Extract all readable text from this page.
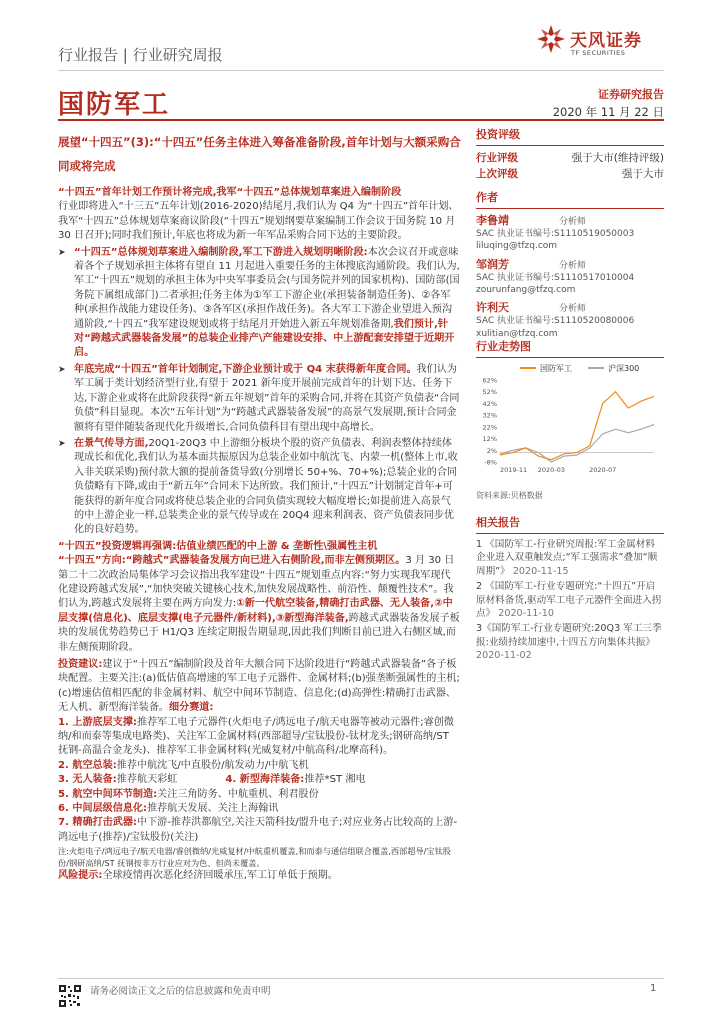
行业报告 | 行业研究周报
天风证券
TF SECURITIES
国防军工	证券研究报告
2020 年 11 月 22 日
展望“十四五”(3):“十四五”任务主体进入筹备准备阶段,首年计划与大额采购合同或将完成

“十四五”首年计划工作预计将完成,我军“十四五”总体规划草案进入编制阶段

行业即将进入“十三五”五年计划(2016-2020)结尾月,我们认为 Q4 为“十四五”首年计划、我军“十四五”总体规划草案商议阶段(“十四五”规划纲要草案编制工作会议于国务院 10 月 30 日召开);同时我们预计,年底也将成为新一年军品采购合同下达的主要阶段。

➤ “十四五”总体规划草案进入编制阶段,军工下游进入规划明晰阶段:本次会议召开或意味着各个子规划承担主体将有望自 11 月起进入重要任务的主体搜底沟通阶段。我们认为,军工“十四五”规划的承担主体为中央军事委员会(与国务院并列的国家机构)、国防部(国务院下属组成部门)二者承担;任务主体为①军工下游企业(承担装备制造任务)、②各军种(承担作战能力建设任务)、③各军区(承担作战任务)。各大军工下游企业望进入预沟通阶段,“十四五”我军建设规划或将于结尾月开始进入新五年规划准备期,我们预计,针对“跨越式武器装备发展”的总装企业排产\产能建设安排、中上游配套安排望于近期开启。

➤ 年底完成“十四五”首年计划制定,下游企业预计或于 Q4 末获得新年度合同。我们认为军工属于类计划经济型行业,有望于 2021 新年度开展前完成首年的计划下达、任务下达,下游企业或将在此阶段获得“新五年规划”首年的采购合同,并将在其资产负债表“合同负债”科目显现。本次“五年计划”为“跨越式武器装备发展”的高景气发展期,预计合同金额将有望伴随装备现代化升级增长,合同负债科目有望出现中高增长。

➤ 在景气传导方面,20Q1-20Q3 中上游细分板块个股的资产负债表、利润表整体持续体现成长和优化,我们认为基本面共振原因为总装企业如中航沈飞、内蒙一机(整体上市,收入非关联采购)预付款大额的提前备货导致(分别增长 50+%、70+%);总装企业的合同负债略有下降,或由于“新五年”合同未下达所致。我们预计,“十四五”计划制定首年+可能获得的新年度合同或将使总装企业的合同负债实现较大幅度增长;如提前进入高景气的中上游企业一样,总装类企业的景气传导或在 20Q4 迎来利润表、资产负债表同步优化的良好趋势。

“十四五”投资逻辑再强调:估值业绩匹配的中上游 & 垄断性\强属性主机

“十四五”方向:“跨越式”武器装备发展方向已进入右侧阶段,而非左侧预期区。3 月 30 日第二十二次政治局集体学习会议指出我军建设“十四五”规划重点内容:“努力实现我军现代化建设跨越式发展”,“加快突破关键核心技术,加快发展战略性、前沿性、颠覆性技术”。我们认为,跨越式发展将主要在两方向发力:①新一代航空装备,精确打击武器、无人装备,②中层支撑(信息化)、底层支撑(电子元器件/新材料),③新型海洋装备,跨越式武器装备发展子板块的发展优势趋势已于 H1/Q3 连续定期报告期显现,因此我们判断目前已进入右侧区域,而非左侧预期阶段。

投资建议:建议于“十四五”编制阶段及首年大额合同下达阶段进行“跨越式武器装备”各子板块配置。主要关注:(a)低估值高增速的军工电子元器件、金属材料;(b)强垄断强属性的主机;(c)增速估值相匹配的非金属材料、航空中间环节制造、信息化;(d)高弹性:精确打击武器、无人机、新型海洋装备。细分赛道:

1. 上游底层支撑:推荐军工电子元器件(火炬电子/鸿远电子/航天电器等被动元器件;睿创微纳/和而泰等集成电路类)、关注军工金属材料(西部超导/宝钛股份-钛材龙头;钢研高纳/ST 抚钢-高温合金龙头)、推荐军工非金属材料(光威复材/中航高科/北摩高科)。

2. 航空总装:推荐中航沈飞/中直股份/航发动力/中航飞机

3. 无人装备:推荐航天彩虹	4. 新型海洋装备:推荐*ST 湘电

5. 航空中间环节制造:关注三角防务、中航重机、利君股份

6. 中间层级信息化:推荐航天发展、关注上海翰讯

7. 精确打击武器:中下游-推荐洪都航空,关注天箭科技/盟升电子;对应业务占比较高的上游-鸿远电子(推荐)/宝钛股份(关注)

注:火炬电子/鸿远电子/航天电器/睿创微纳/光威复材/中航重机覆盖,和而泰与通信组联合覆盖,西部超导/宝钛股份/钢研高纳/ST 抚钢按非万行业应对为色、但尚未覆盖。

风险提示:全球疫情再次恶化经济回暖承压,军工订单低于预期。

投资评级
行业评级	强于大市(维持评级)
上次评级	强于大市
作者
李鲁靖	分析师
SAC 执业证书编号:S1110519050003
liluqing@tfzq.com
邹润芳	分析师
SAC 执业证书编号:S1110517010004
zourunfang@tfzq.com
许利天	分析师
SAC 执业证书编号:S1110520080006
xulitian@tfzq.com
行业走势图
国防军工	沪深300
-8%
2%
12%
22%
32%
42%
52%
62%
2019-11 2020-03	2020-07
资料来源:贝格数据
相关报告
1 《国防军工-行业研究周报:军工金属材料企业进入双重触发点;“军工强需求”叠加“顺周期”》 2020-11-15
2 《国防军工-行业专题研究:“十四五”开启原材料备货,驱动军工电子元器件全面进入拐点》 2020-11-10
3《国防军工-行业专题研究:20Q3 军工三季报:业绩持续加速中,十四五方向集体共振》 2020-11-02
请务必阅读正文之后的信息披露和免责申明	1
